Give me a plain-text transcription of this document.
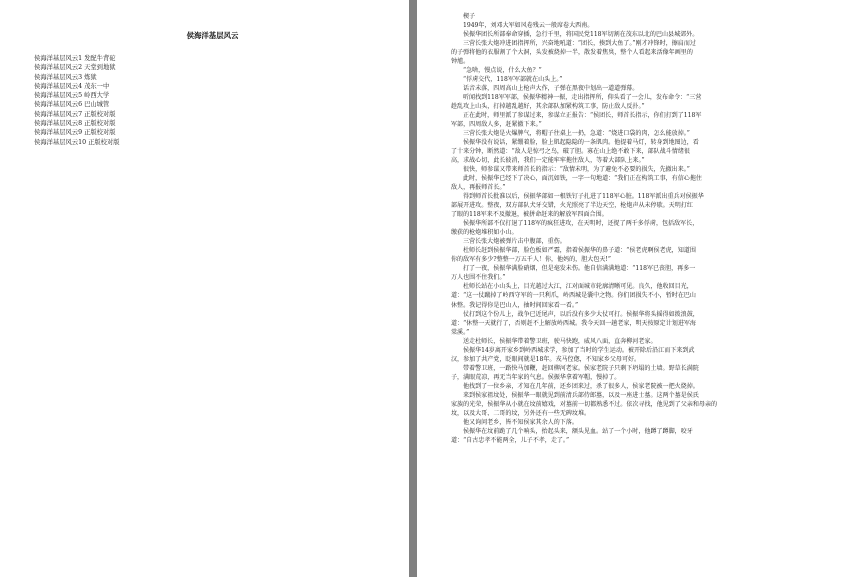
侯海洋基层风云
侯海洋基层风云1 发配牛背砣
侯海洋基层风云2 天堂到地狱
侯海洋基层风云3 炼狱
侯海洋基层风云4 茂东一中
侯海洋基层风云5 岭西大学
侯海洋基层风云6 巴山城管
侯海洋基层风云7 正版校对版
侯海洋基层风云8 正版校对版
侯海洋基层风云9 正版校对版
侯海洋基层风云10 正版校对版
楔子
1949年，刘邓大军如风卷残云一般席卷大西南。
侯振华团长所部奉命穿插，急行千里，将国民党118军切割在茂东以北的巴山县城郊外。
三营长张大炮冲进团指挥所，兴奋地吼道：“团长，揍到大鱼了。”刚才冲锋时，擦肩而过
的子弹将他的衣服割了个大洞，头发被烧掉一半，散发着焦臭，整个人看起来活像年画里的
钟馗。
“急啥，慢点说，什么大鱼？”
“俘虏交代，118军军部就在山头上。”
话音未落，四周高山上枪声大作，子弹在黑夜中划出一道道弹幕。
听闻找到118军军部，侯振华精神一振，走出指挥所，仰头看了一会儿，发布命令：“三营
趁乱攻上山头，打掉越乱越好，其余部队加紧构筑工事，防止敌人反扑。”
正在此时，师里派了参谋过来，参谋立正报告：“侯团长，师首长指示，你们打到了118军
军部，四周敌人多，赶紧撤下来。”
三营长张大炮是火爆脾气，将帽子往桌上一扔，急道：“烧进口袋的肉，怎么能放掉。”
侯振华没有说话，紧绷着脸，脸上肌起隐隐的一条肌肉。他提着马灯，转身到地图边，看
了十来分钟，断然道：“敌人是惊弓之鸟，破了胆。寡在山上绝不敢下来，部队战斗情绪很
高，求战心切，此长彼消，我们一定能牢牢拖住敌人，等着大部队上来。”
很快，师参谋又带来师首长的指示：“敌情未明，为了避免不必要的损失，先撤出来。”
此时，侯振华已经下了决心，面沉如铁，一字一句地道：“我们正在构筑工事，有信心拖住
敌人，再报师首长。”
得到师首长批准以后，侯振华部如一根铁钉子扎进了118军心脏。118军派出重兵对侯振华
部展开进攻。整夜，双方部队犬牙交错，火光照亮了半边天空，枪炮声从未停歇。天明打红
了眼的118军来不及撤退，被拼命赶来的解放军四面合围。
侯振华所部不仅打退了118军的疯狂进攻，在天明时，还捉了两千多俘虏，包括敌军长，
缴获的枪炮堆积如小山。
三营长张大炮被弹片击中腹部，重伤。
杜师长赶到侯振华部，脸色板如严霜，指着侯振华的鼻子道：“侯老虎啊侯老虎，知道围
你的敌军有多少?整整一万五千人！你，他妈的，胆大包天!”
打了一夜，侯振华满脸硝烟，但是毫发未伤。他自信满满地道：“118军已丧胆，再多一
万人也围不住我们。”
杜师长站在小山头上，目光越过大江，江对面城市轮廓清晰可见。良久，他收回目光，
道：“这一仗蹴掉了岭西守军的一只利爪，岭西城是囊中之物。你们团损失不小，暂时在巴山
休整。我记得你是巴山人，抽时间回家看一看。”
仗打到这个份儿上，战争已近尾声，以后没有多少大仗可打。侯振华将头摇得如拨浪鼓，
道：“休整一天就行了，否则赶不上解放岭西城。我今天回一趟老家，明天按原定计划进军海
棠溪。”
送走杜师长，侯振华带着警卫班，驶马快跑，威风八面，直奔柳河老家。
侯振华14岁离开家乡到岭西城求学，参加了当时的学生运动。被开除后沿江而下来到武
汉，参加了共产党，眨眼间就是18年。戎马倥偬，不知家乡父母可好。
带着警卫班，一路快马加鞭，赶回柳河老家。侯家老院子只剩下坍塌的土墙。野草长满院
子，满眼荒凉，再无当年家的气息。侯振华拿着军帽，慢掉了。
他找到了一位乡亲，才知在几年前，还乡团来过，杀了很多人，侯家老院被一把火烧掉。
来到侯家祖坟处，侯振华一眼就见到前清兵部侍郎墓，以及一座进士墓。这两个墓是侯氏
家族的光荣，侯振华从小就在坟前嬉戏，对墓前一切都熟悉不过。依次寻找，他见到了父亲和母亲的
坟，以及大哥、二哥的坟，另外还有一些无碑坟堆。
他又询问老乡，皆不知侯家其余人的下落。
侯振华在坟前跪了几个响头，抬起头来，额头见血。站了一个小时，他蹲了蹲脚，咬牙
道：“自古忠孝不能两全，儿子不孝，走了。”
